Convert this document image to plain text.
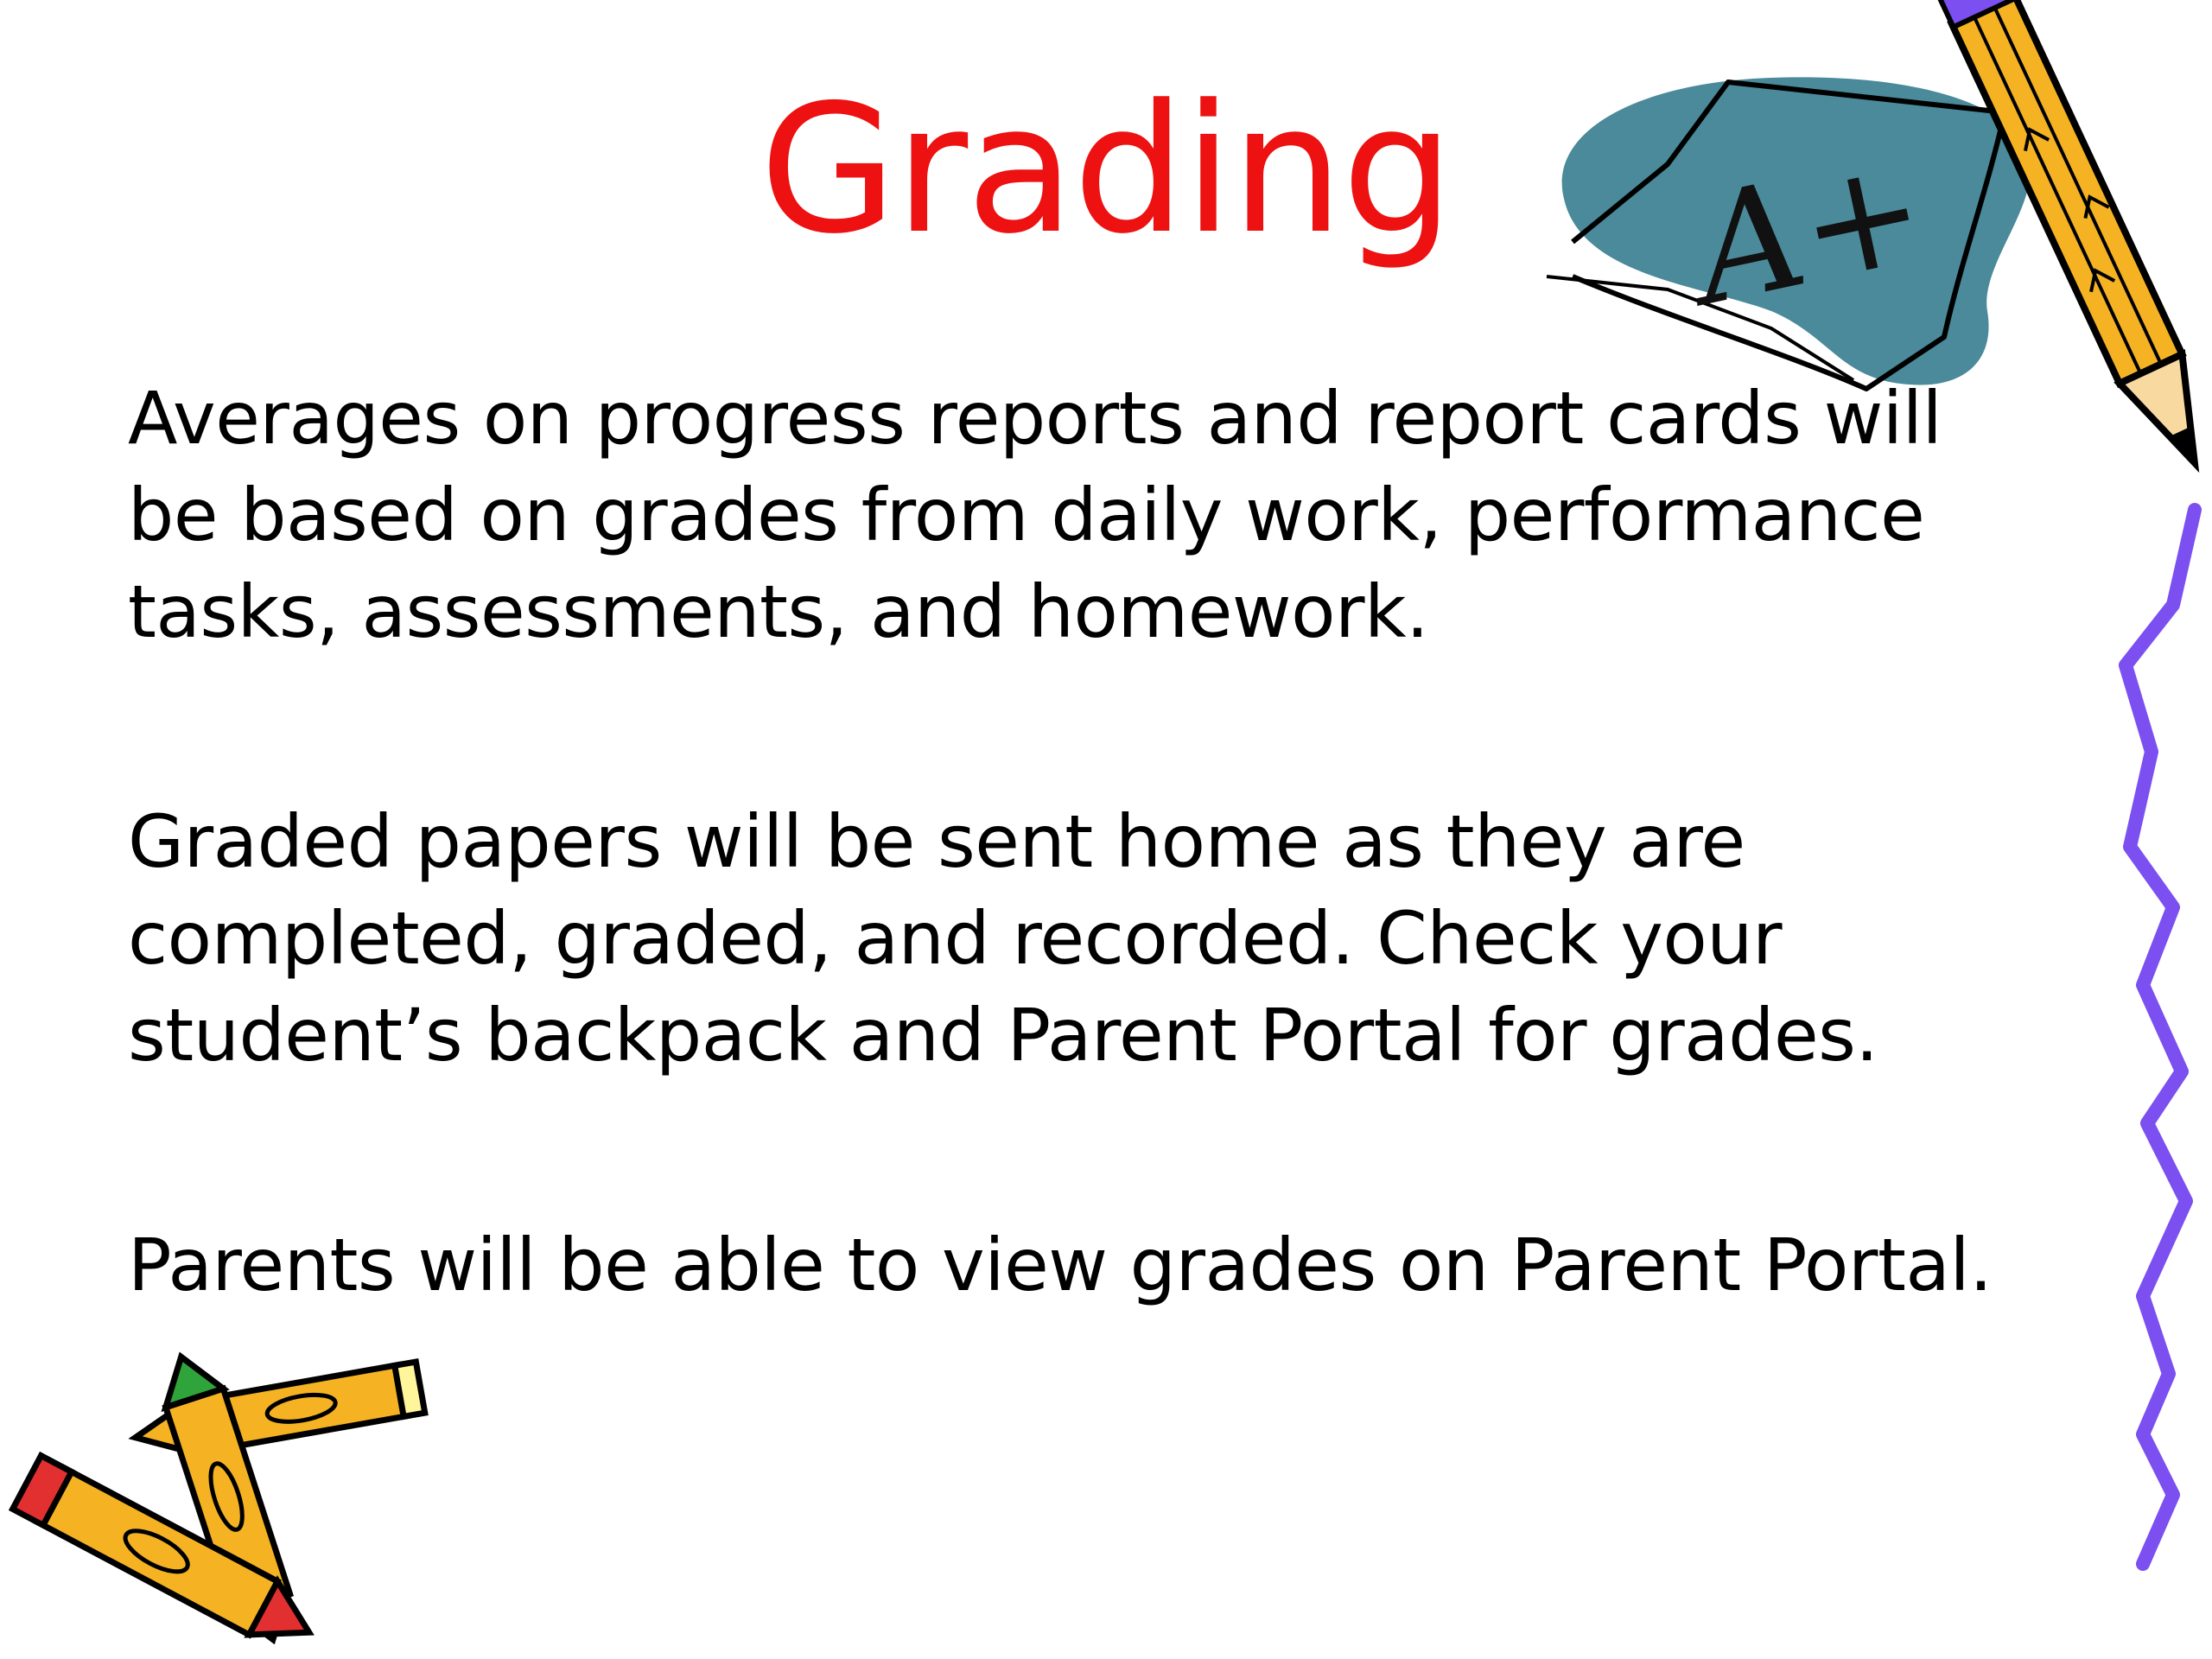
Grading

Averages on progress reports and report cards will
be based on grades from daily work, performance
tasks, assessments, and homework.

Graded papers will be sent home as they are
completed, graded, and recorded. Check your
student’s backpack and Parent Portal for grades.

Parents will be able to view grades on Parent Portal.

A+
